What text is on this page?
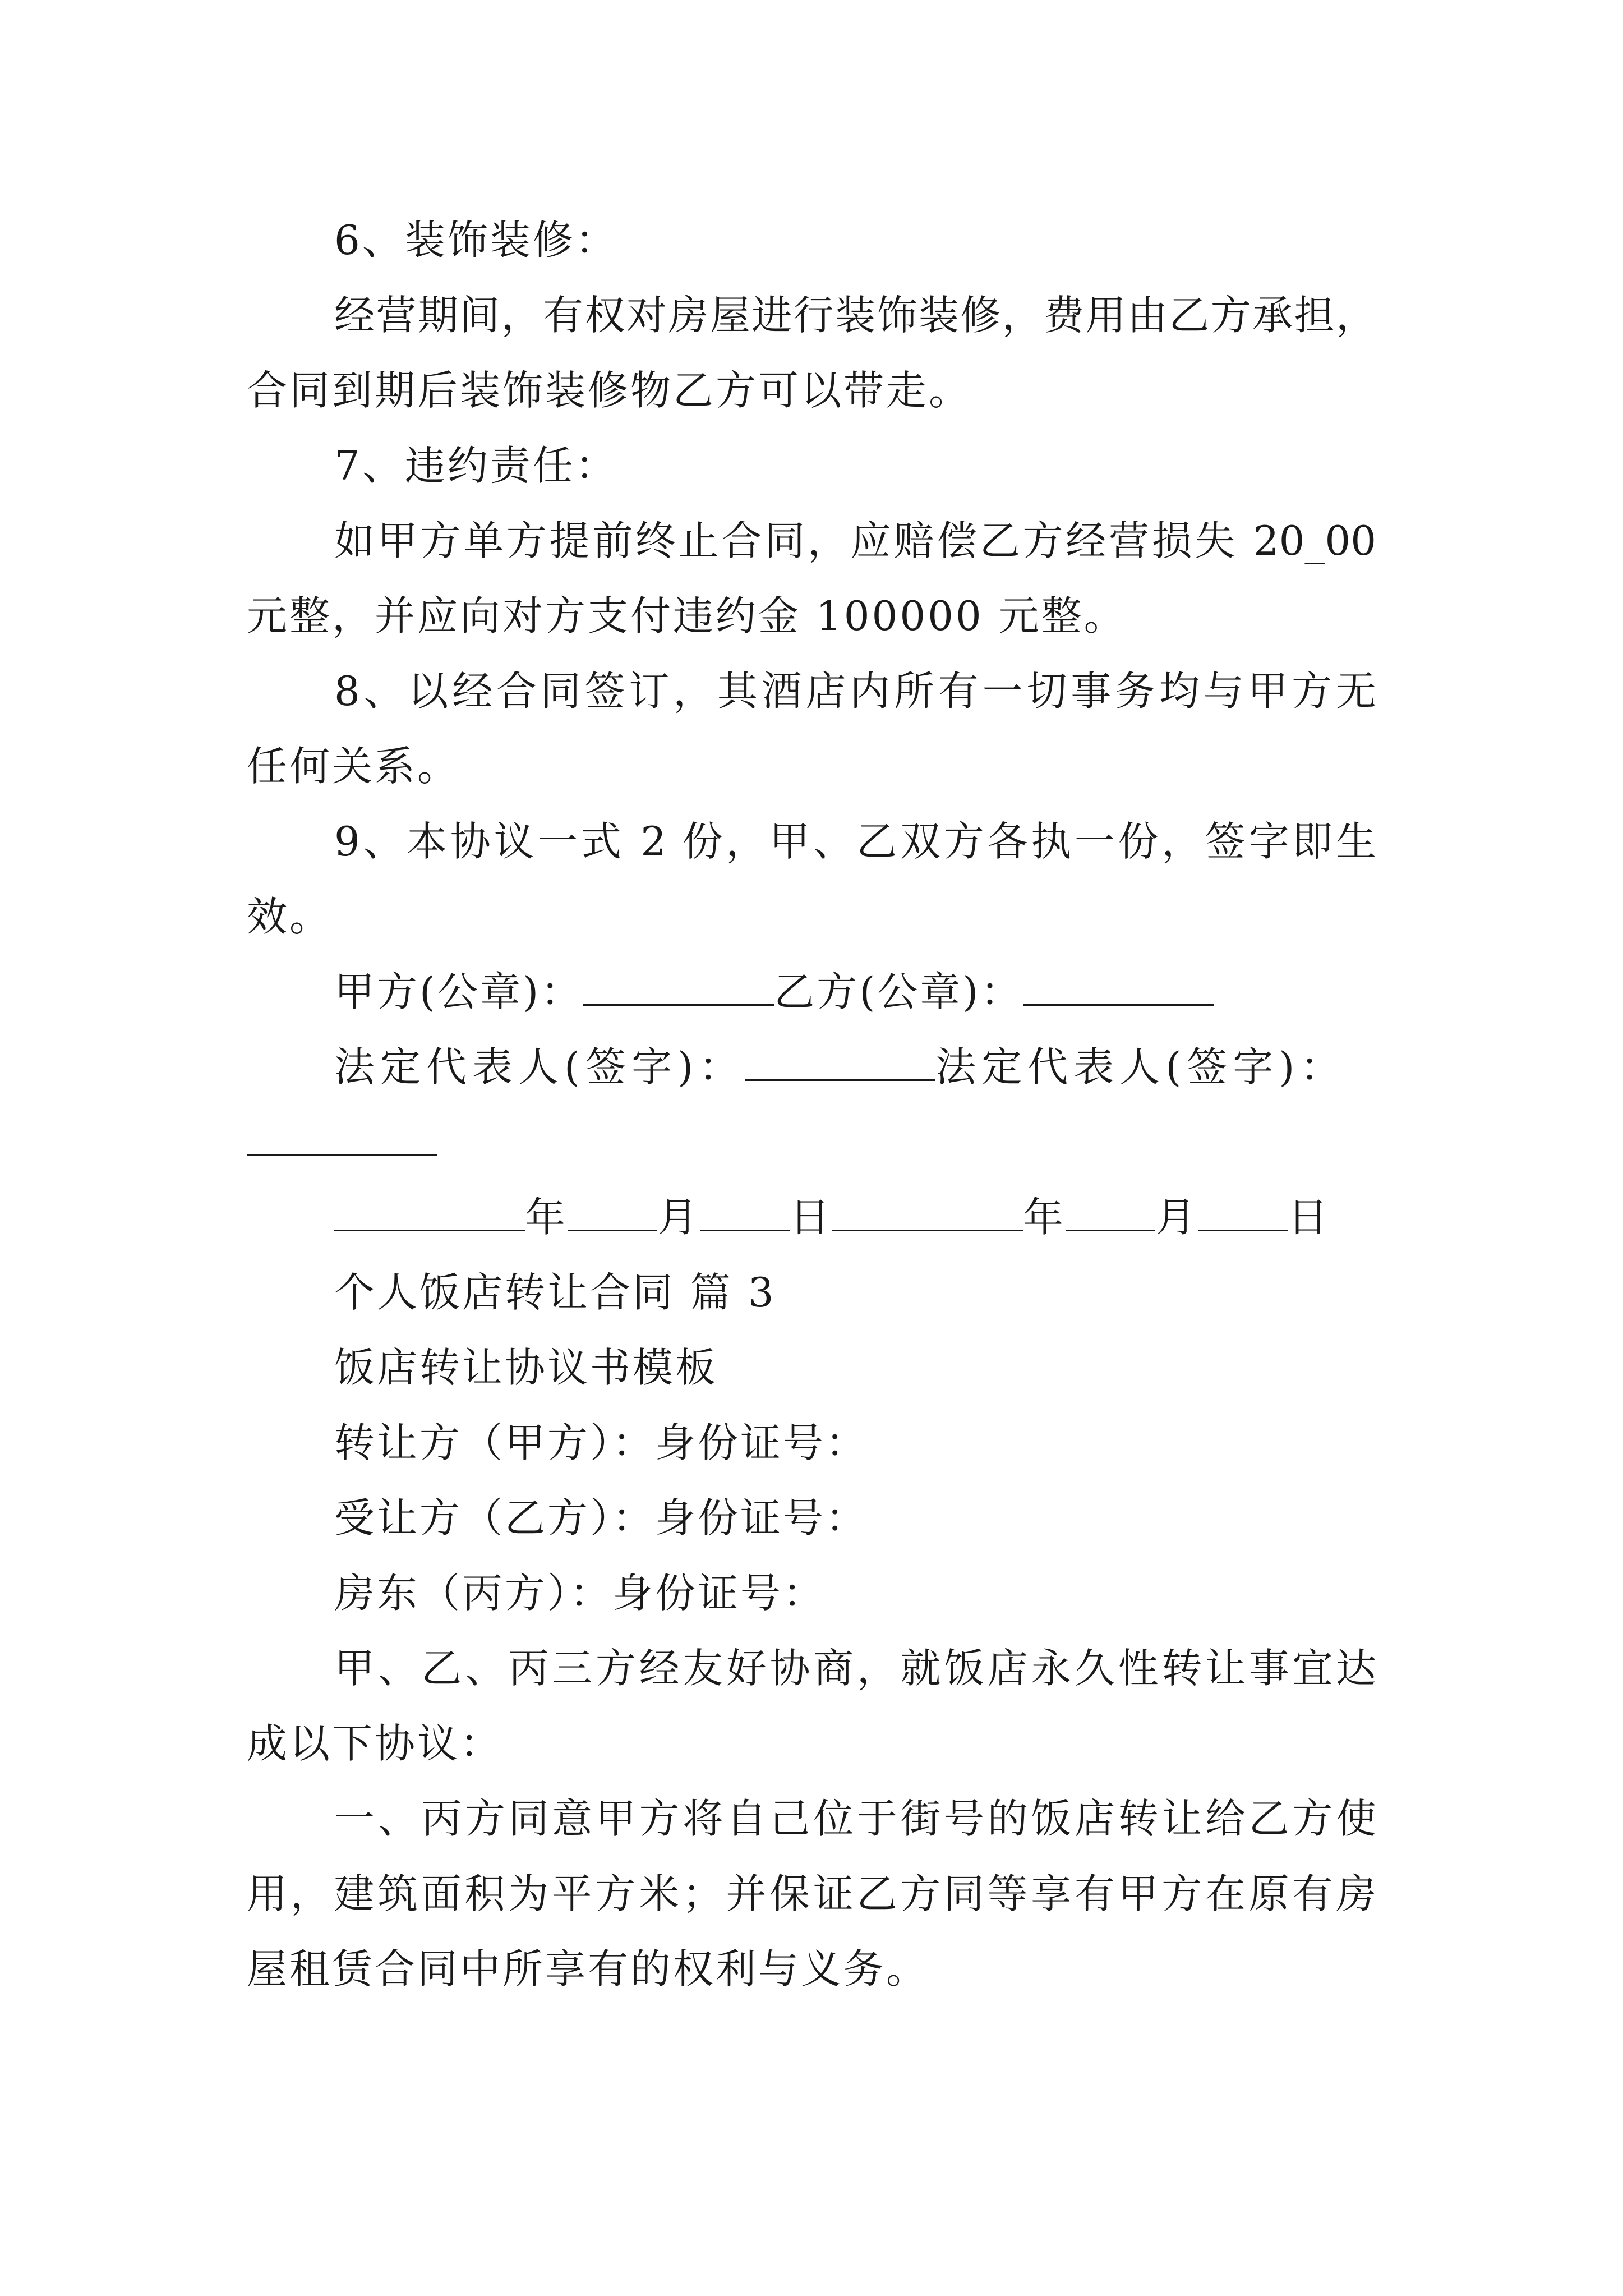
6、装饰装修：
经营期间，有权对房屋进行装饰装修，费用由乙方承担，
合同到期后装饰装修物乙方可以带走。
7、违约责任：
如甲方单方提前终止合同，应赔偿乙方经营损失 20_00
元整，并应向对方支付违约金 100000 元整。
8、以经合同签订，其酒店内所有一切事务均与甲方无
任何关系。
9、本协议一式 2 份，甲、乙双方各执一份，签字即生
效。
甲方(公章)：	乙方(公章)：
法定代表人(签字)：	法定代表人(签字)：
年 月 日	年 月 日
个人饭店转让合同 篇 3
饭店转让协议书模板
转让方（甲方）：身份证号：
受让方（乙方）：身份证号：
房东（丙方）：身份证号：
甲、乙、丙三方经友好协商，就饭店永久性转让事宜达
成以下协议：
一、丙方同意甲方将自己位于街号的饭店转让给乙方使
用，建筑面积为平方米；并保证乙方同等享有甲方在原有房
屋租赁合同中所享有的权利与义务。
